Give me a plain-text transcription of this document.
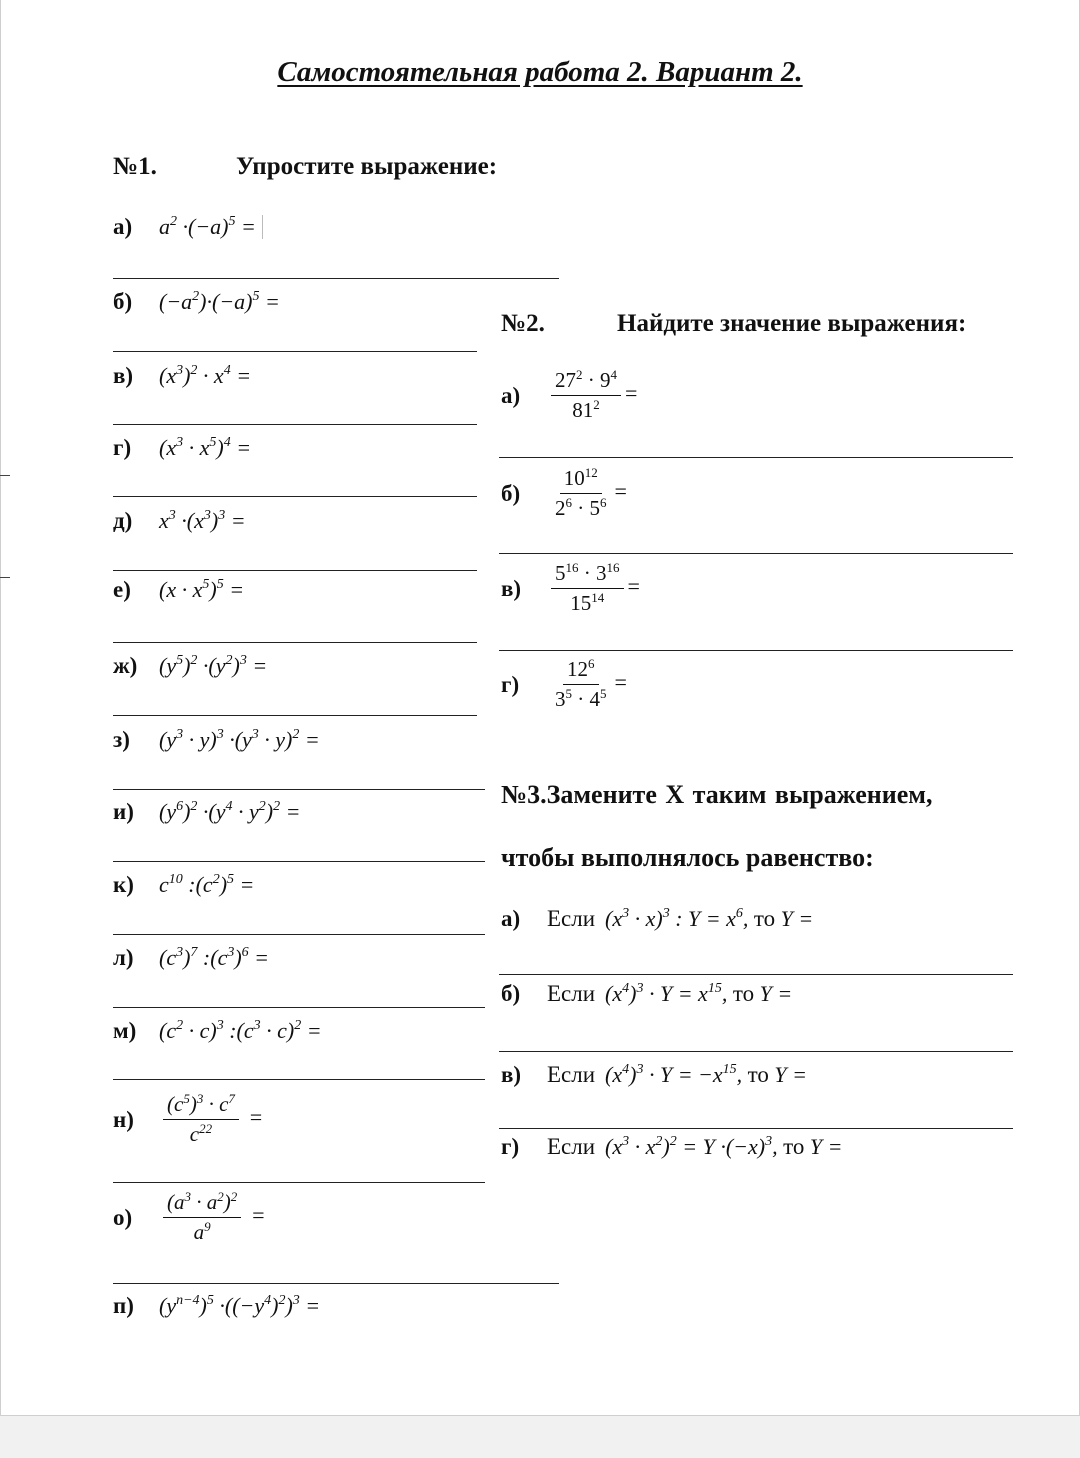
Самостоятельная работа 2. Вариант 2.
№1.	Упростите выражение:
а)	$a^2 \cdot(-a)^5$ =
б)	$(-a^2)\cdot(-a)^5$ =
в)	$(x^3)^2 \cdot x^4$ =
г)	$(x^3 \cdot x^5)^4$ =
д)	$x^3 \cdot(x^3)^3$ =
е)	$(x \cdot x^5)^5$ =
ж) $(y^5)^2 \cdot(y^2)^3$ =
з)	$(y^3 \cdot y)^3 \cdot(y^3 \cdot y)^2$ =
и)	$(y^6)^2 \cdot(y^4 \cdot y^2)^2$ =
к)	$c^{10}$ $:(c^2)^5$ =
л)	$(c^3)^7$ $:(c^3)^6$ =
м)	$(c^2 \cdot c)^3$ $:(c^3 \cdot c)^2$ =
н)	$\frac{(c^5)^3 \cdot c^7}{c^{22}}$ =
о)	$\frac{(a^3 \cdot a^2)^2}{a^9}$ =
п)	$(y^{n-4})^5 \cdot((-y^4)^2)^3$ =
№2.	Найдите значение выражения:
а)	$\frac{27^2 \cdot 9^4}{81^2}$ =
б)	$\frac{10^{12}}{2^6 \cdot 5^6}$ =
в)	$\frac{5^{16} \cdot 3^{16}}{15^{14}}$ =
г)	$\frac{12^6}{3^5 \cdot 4^5}$ =
№3.Замените X таким выражением,
чтобы выполнялось равенство:
а)	Если $(x^3 \cdot x)^3$ : $Y = x^6$, то Y =
б)	Если $(x^4)^3 \cdot Y = x^{15}$, то Y =
в)	Если $(x^4)^3 \cdot Y = -x^{15}$, то Y =
г)	Если $(x^3 \cdot x^2)^2 = Y \cdot(-x)^3$, то Y =
